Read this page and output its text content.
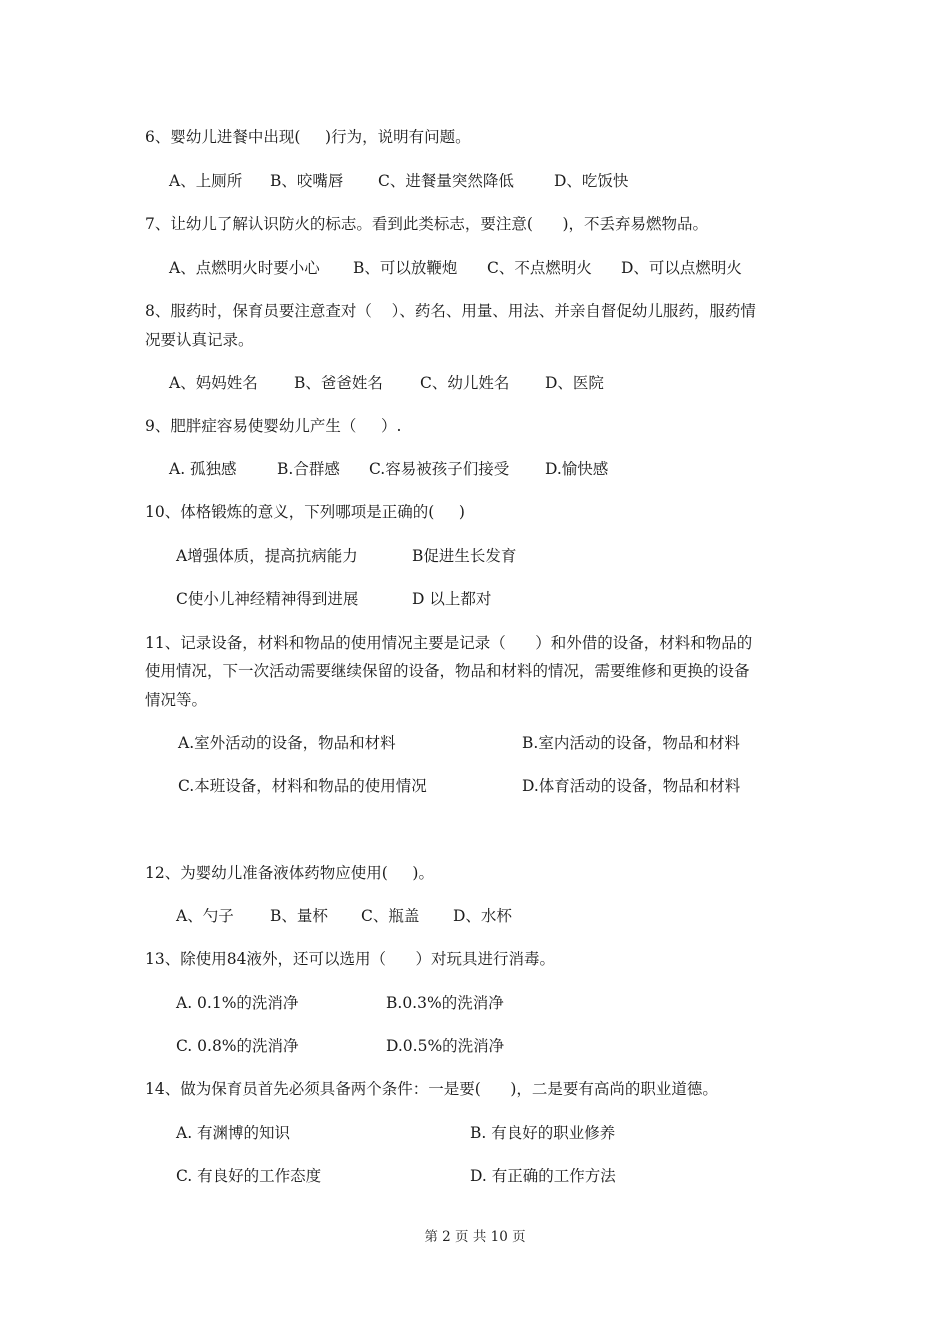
6、婴幼儿进餐中出现(     )行为，说明有问题。
A、上厕所 B、咬嘴唇 C、进餐量突然降低	D、吃饭快
7、让幼儿了解认识防火的标志。看到此类标志，要注意(      )，不丢弃易燃物品。
A、点燃明火时要小心 B、可以放鞭炮 C、不点燃明火 D、可以点燃明火
8、服药时，保育员要注意查对（    ）、药名、用量、用法、并亲自督促幼儿服药，服药情
况要认真记录。
A、妈妈姓名 B、爸爸姓名 C、幼儿姓名 D、医院
9、肥胖症容易使婴幼儿产生（     ）.
A. 孤独感	B.合群感 C.容易被孩子们接受 D.愉快感
10、体格锻炼的意义，下列哪项是正确的(     )
A增强体质，提高抗病能力	B促进生长发育
C使小儿神经精神得到进展	D 以上都对
11、记录设备，材料和物品的使用情况主要是记录（      ）和外借的设备，材料和物品的
使用情况，下一次活动需要继续保留的设备，物品和材料的情况，需要维修和更换的设备
情况等。
A.室外活动的设备，物品和材料	B.室内活动的设备，物品和材料
C.本班设备，材料和物品的使用情况	D.体育活动的设备，物品和材料
12、为婴幼儿准备液体药物应使用(     )。
A、勺子 B、量杯 C、瓶盖 D、水杯
13、除使用84液外，还可以选用（      ）对玩具进行消毒。
A. 0.1%的洗消净	B.0.3%的洗消净
C. 0.8%的洗消净	D.0.5%的洗消净
14、做为保育员首先必须具备两个条件：一是要(      )，二是要有高尚的职业道德。
A. 有渊博的知识	B. 有良好的职业修养
C. 有良好的工作态度	D. 有正确的工作方法
第 2 页 共 10 页
